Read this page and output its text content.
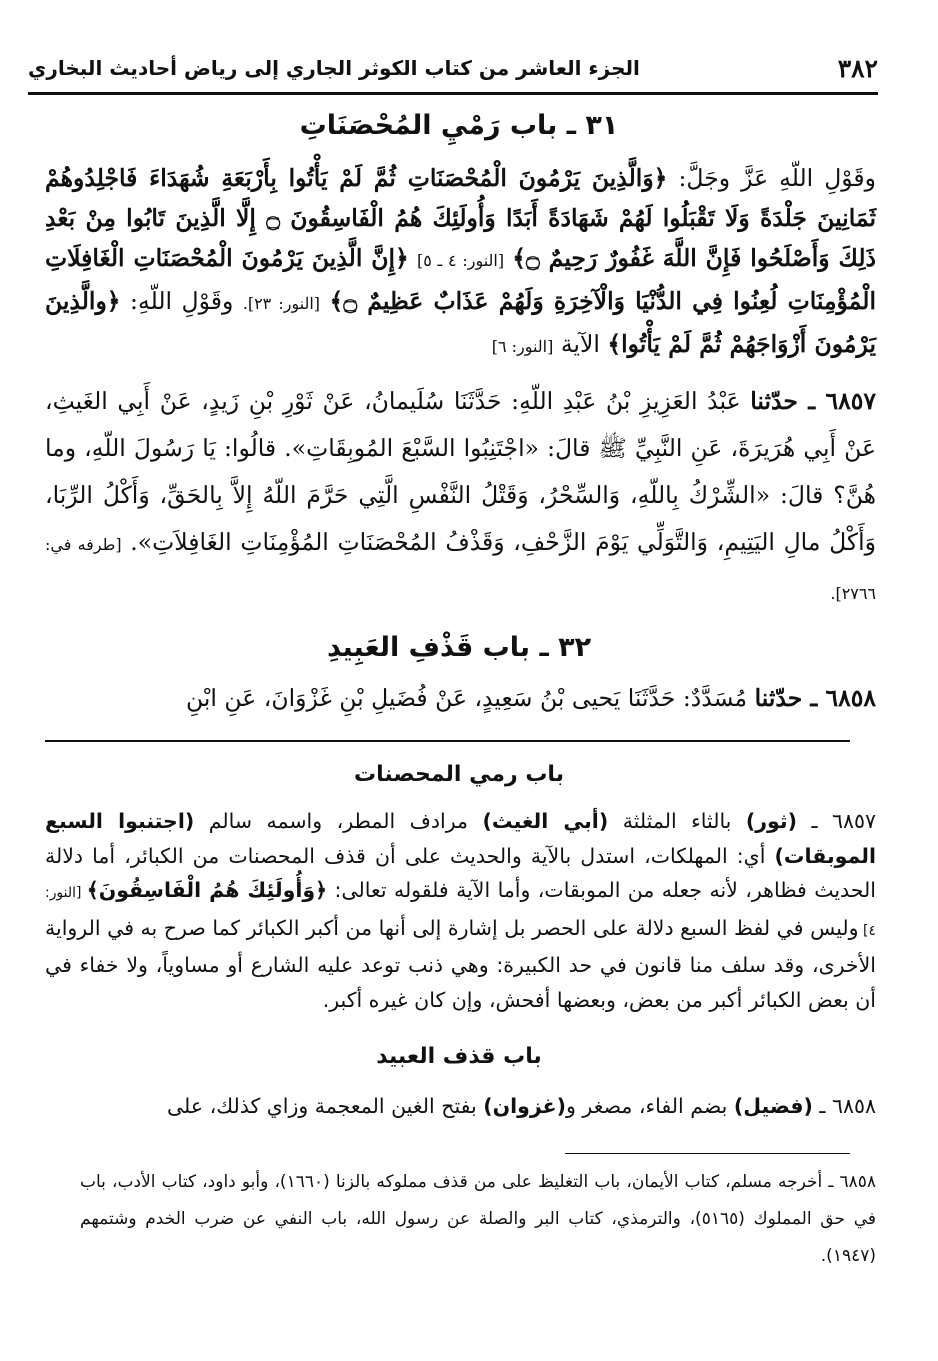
٣٨٢
الجزء العاشر من كتاب الكوثر الجاري إلى رياض أحاديث البخاري
٣١ ـ باب رَمْيِ المُحْصَنَاتِ
وقَوْلِ اللّهِ عَزَّ وجَلَّ: ﴿وَالَّذِينَ يَرْمُونَ الْمُحْصَنَاتِ ثُمَّ لَمْ يَأْتُوا بِأَرْبَعَةِ شُهَدَاءَ فَاجْلِدُوهُمْ ثَمَانِينَ جَلْدَةً وَلَا تَقْبَلُوا لَهُمْ شَهَادَةً أَبَدًا وَأُولَئِكَ هُمُ الْفَاسِقُونَ ۝ إِلَّا الَّذِينَ تَابُوا مِنْ بَعْدِ ذَلِكَ وَأَصْلَحُوا فَإِنَّ اللَّهَ غَفُورٌ رَحِيمٌ ۝﴾ [النور: ٤ ـ ٥] ﴿إِنَّ الَّذِينَ يَرْمُونَ الْمُحْصَنَاتِ الْغَافِلَاتِ الْمُؤْمِنَاتِ لُعِنُوا فِي الدُّنْيَا وَالْآخِرَةِ وَلَهُمْ عَذَابٌ عَظِيمٌ ۝﴾ [النور: ٢٣]. وقَوْلِ اللّهِ: ﴿والَّذِينَ يَرْمُونَ أَزْوَاجَهُمْ ثُمَّ لَمْ يَأْتُوا﴾ الآية [النور: ٦]
٦٨٥٧ ـ حدّثنا عَبْدُ العَزِيزِ بْنُ عَبْدِ اللّهِ: حَدَّثَنَا سُلَيمانُ، عَنْ ثَوْرِ بْنِ زَيدٍ، عَنْ أَبِي الغَيثِ، عَنْ أَبِي هُرَيرَةَ، عَنِ النَّبِيِّ ﷺ قالَ: «اجْتَنِبُوا السَّبْعَ المُوبِقَاتِ». قالُوا: يَا رَسُولَ اللّهِ، وما هُنَّ؟ قالَ: «الشِّرْكُ بِاللّهِ، وَالسِّحْرُ، وَقَتْلُ النَّفْسِ الَّتِي حَرَّمَ اللّهُ إِلاَّ بِالحَقِّ، وَأَكْلُ الرِّبَا، وَأَكْلُ مالِ اليَتِيمِ، وَالتَّوَلِّي يَوْمَ الزَّحْفِ، وَقَذْفُ المُحْصَنَاتِ المُؤْمِنَاتِ الغَافِلاَتِ». [طرفه في: ٢٧٦٦].
٣٢ ـ باب قَذْفِ العَبِيدِ
٦٨٥٨ ـ حدّثنا مُسَدَّدٌ: حَدَّثَنَا يَحيى بْنُ سَعِيدٍ، عَنْ فُضَيلِ بْنِ غَزْوَانَ، عَنِ ابْنِ
باب رمي المحصنات
٦٨٥٧ ـ (ثور) بالثاء المثلثة (أبي الغيث) مرادف المطر، واسمه سالم (اجتنبوا السبع الموبقات) أي: المهلكات، استدل بالآية والحديث على أن قذف المحصنات من الكبائر، أما دلالة الحديث فظاهر، لأنه جعله من الموبقات، وأما الآية فلقوله تعالى: ﴿وَأُولَئِكَ هُمُ الْفَاسِقُونَ﴾ [النور: ٤] وليس في لفظ السبع دلالة على الحصر بل إشارة إلى أنها من أكبر الكبائر كما صرح به في الرواية الأخرى، وقد سلف منا قانون في حد الكبيرة: وهي ذنب توعد عليه الشارع أو مساوياً، ولا خفاء في أن بعض الكبائر أكبر من بعض، وبعضها أفحش، وإن كان غيره أكبر.
باب قذف العبيد
٦٨٥٨ ـ (فضيل) بضم الفاء، مصغر و(غزوان) بفتح الغين المعجمة وزاي كذلك، على
٦٨٥٨ ـ أخرجه مسلم، كتاب الأيمان، باب التغليظ على من قذف مملوكه بالزنا (١٦٦٠)، وأبو داود، كتاب الأدب، باب في حق المملوك (٥١٦٥)، والترمذي، كتاب البر والصلة عن رسول الله، باب النفي عن ضرب الخدم وشتمهم (١٩٤٧).
